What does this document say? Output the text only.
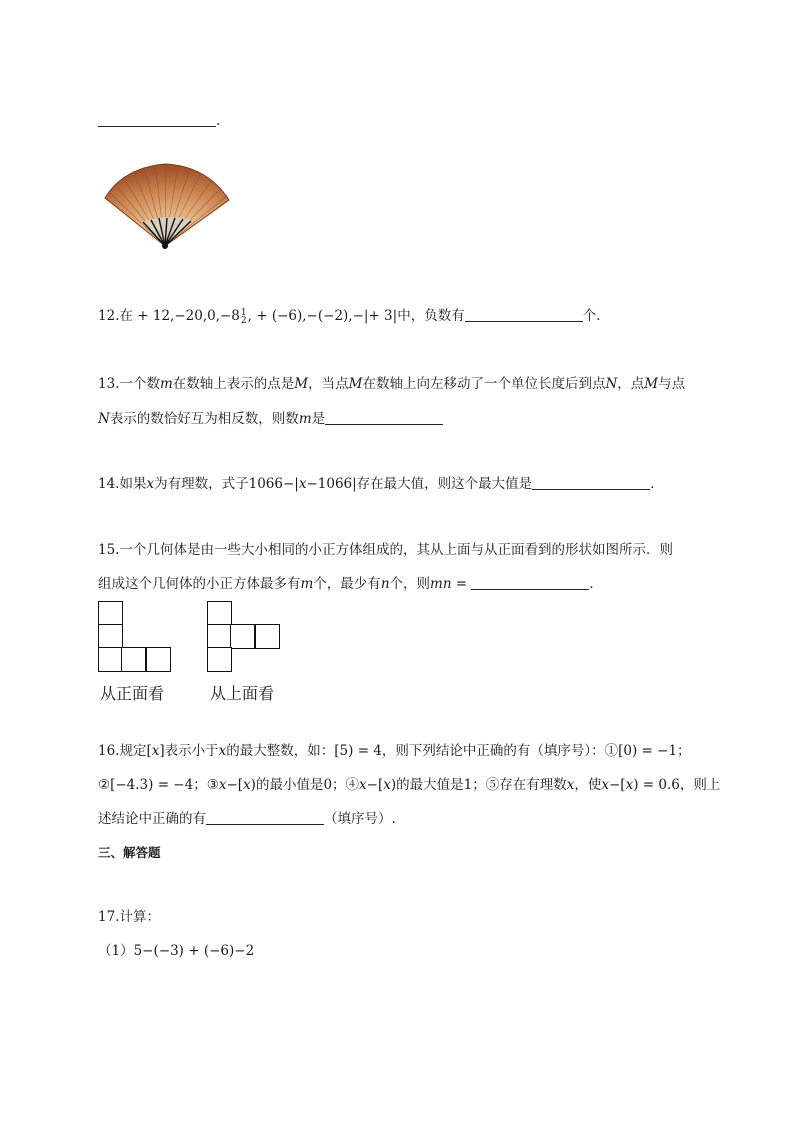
.
12.在 + 12,−20,0,−8 1
2 , + (−6),−(−2),−|+ 3|中，负数有	个．
13.一个数m在数轴上表示的点是M，当点M在数轴上向左移动了一个单位长度后到点N，点M与点
N表示的数恰好互为相反数，则数m是
14.如果x为有理数，式子1066−|x−1066|存在最大值，则这个最大值是	．
15.一个几何体是由一些大小相同的小正方体组成的，其从上面与从正面看到的形状如图所示．则
组成这个几何体的小正方体最多有m个，最少有n个，则mn =	．
从正面看	从上面看
16.规定[x]表示小于x的最大整数，如：[5) = 4，则下列结论中正确的有（填序号）：①[0) = −1；
②[−4.3) = −4；③x−[x)的最小值是0；④x−[x)的最大值是1；⑤存在有理数x，使x−[x) = 0.6，则上
述结论中正确的有	（填序号）.
三、解答题
17.计算：
（1）5−(−3) + (−6)−2
